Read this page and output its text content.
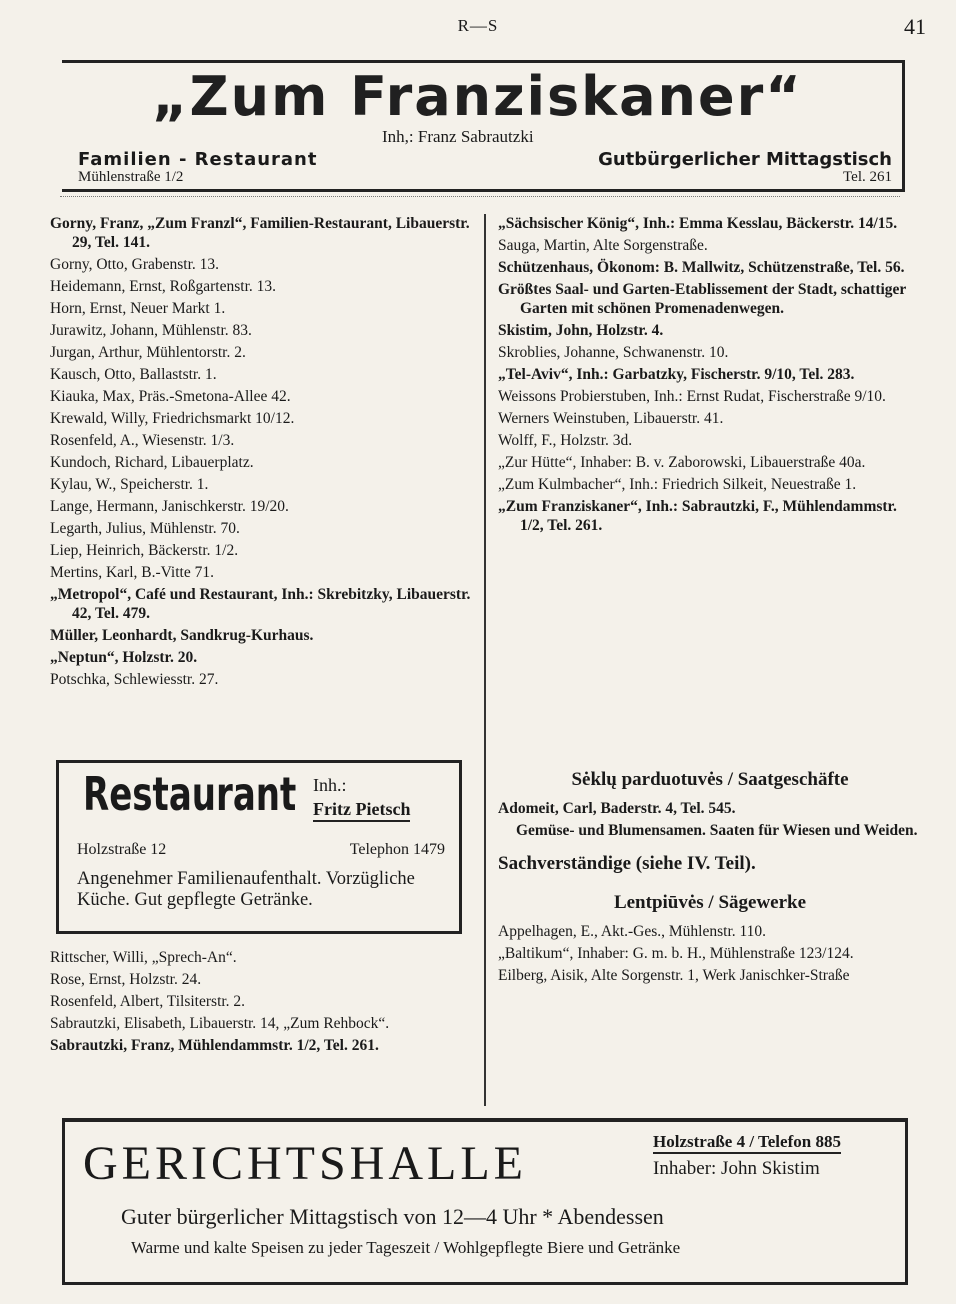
R—S	41
„Zum Franziskaner“
Inh,: Franz Sabrautzki
Familien - Restaurant	Gutbürgerlicher Mittagstisch
Mühlenstraße 1/2	Tel. 261
Gorny, Franz, „Zum Franzl“, Familien-Restaurant, Libauerstr. 29, Tel. 141.
Gorny, Otto, Grabenstr. 13.
Heidemann, Ernst, Roßgartenstr. 13.
Horn, Ernst, Neuer Markt 1.
Jurawitz, Johann, Mühlenstr. 83.
Jurgan, Arthur, Mühlentorstr. 2.
Kausch, Otto, Ballaststr. 1.
Kiauka, Max, Präs.-Smetona-Allee 42.
Krewald, Willy, Friedrichsmarkt 10/12.
Rosenfeld, A., Wiesenstr. 1/3.
Kundoch, Richard, Libauerplatz.
Kylau, W., Speicherstr. 1.
Lange, Hermann, Janischkerstr. 19/20.
Legarth, Julius, Mühlenstr. 70.
Liep, Heinrich, Bäckerstr. 1/2.
Mertins, Karl, B.-Vitte 71.
„Metropol“, Café und Restaurant, Inh.: Skrebitzky, Libauerstr. 42, Tel. 479.
Müller, Leonhardt, Sandkrug-Kurhaus.
„Neptun“, Holzstr. 20.
Potschka, Schlewiesstr. 27.
Restaurant Inh.:
Fritz Pietsch
Holzstraße 12	Telephon 1479
Angenehmer Familienaufenthalt. Vorzügliche Küche. Gut gepflegte Getränke.
Rittscher, Willi, „Sprech-An“.
Rose, Ernst, Holzstr. 24.
Rosenfeld, Albert, Tilsiterstr. 2.
Sabrautzki, Elisabeth, Libauerstr. 14, „Zum Rehbock“.
Sabrautzki, Franz, Mühlendammstr. 1/2, Tel. 261.
„Sächsischer König“, Inh.: Emma Kesslau, Bäckerstr. 14/15.
Sauga, Martin, Alte Sorgenstraße.
Schützenhaus, Ökonom: B. Mallwitz, Schützenstraße, Tel. 56.
Größtes Saal- und Garten-Etablissement der Stadt, schattiger Garten mit schönen Promenadenwegen.
Skistim, John, Holzstr. 4.
Skroblies, Johanne, Schwanenstr. 10.
„Tel-Aviv“, Inh.: Garbatzky, Fischerstr. 9/10, Tel. 283.
Weissons Probierstuben, Inh.: Ernst Rudat, Fischerstraße 9/10.
Werners Weinstuben, Libauerstr. 41.
Wolff, F., Holzstr. 3d.
„Zur Hütte“, Inhaber: B. v. Zaborowski, Libauerstraße 40a.
„Zum Kulmbacher“, Inh.: Friedrich Silkeit, Neuestraße 1.
„Zum Franziskaner“, Inh.: Sabrautzki, F., Mühlendammstr. 1/2, Tel. 261.
Sėklų parduotuvės / Saatgeschäfte
Adomeit, Carl, Baderstr. 4, Tel. 545.
Gemüse- und Blumensamen. Saaten für Wiesen und Weiden.
Sachverständige (siehe IV. Teil).
Lentpiūvės / Sägewerke
Appelhagen, E., Akt.-Ges., Mühlenstr. 110.
„Baltikum“, Inhaber: G. m. b. H., Mühlenstraße 123/124.
Eilberg, Aisik, Alte Sorgenstr. 1, Werk Janischker-Straße
GERICHTSHALLE	Holzstraße 4 / Telefon 885
Inhaber: John Skistim
Guter bürgerlicher Mittagstisch von 12—4 Uhr * Abendessen
Warme und kalte Speisen zu jeder Tageszeit / Wohlgepflegte Biere und Getränke
